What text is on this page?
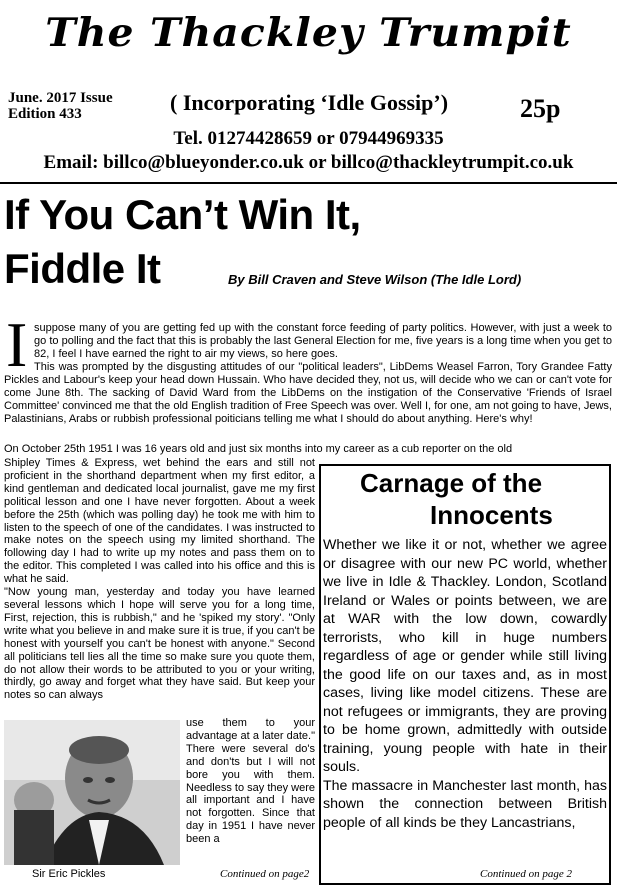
The Thackley Trumpit
June. 2017 Issue
Edition 433	( Incorporating ‘Idle Gossip’)	25p
Tel. 01274428659 or 07944969335
Email: billco@blueyonder.co.uk or billco@thackleytrumpit.co.uk
If You Can’t Win It,
Fiddle It	By Bill Craven and Steve Wilson (The Idle Lord)
I suppose many of you are getting fed up with the constant force feeding of party politics. However, with just a week to go to polling and the fact that this is probably the last General Election for me, five years is a long time when you get to 82, I feel I have earned the right to air my views, so here goes.
This was prompted by the disgusting attitudes of our "political leaders", LibDems Weasel Farron, Tory Grandee Fatty Pickles and Labour's keep your head down Hussain. Who have decided they, not us, will decide who we can or can't vote for come June 8th. The sacking of David Ward from the LibDems on the instigation of the Conservative 'Friends of Israel Committee' convinced me that the old English tradition of Free Speech was over. Well I, for one, am not going to have, Jews, Palastinians, Arabs or rubbish professional poiticians telling me what I should do about anything. Here's why!
On October 25th 1951 I was 16 years old and just six months into my career as a cub reporter on the old
Shipley Times & Express, wet behind the ears and still not proficient in the shorthand department when my first editor, a kind gentleman and dedicated local journalist, gave me my first political lesson and one I have never forgotten. About a week before the 25th (which was polling day) he took me with him to listen to the speech of one of the candidates. I was instructed to make notes on the speech using my limited shorthand. The following day I had to write up my notes and pass them on to the editor. This completed I was called into his office and this is what he said.
"Now young man, yesterday and today you have learned several lessons which I hope will serve you for a long time, First, rejection, this is rubbish," and he 'spiked my story'. "Only write what you believe in and make sure it is true, if you can't be honest with yourself you can't be honest with anyone." Second all politicians tell lies all the time so make sure you quote them, do not allow their words to be attributed to you or your writing, thirdly, go away and forget what they have said. But keep your notes so can always
use them to your advantage at a later date." There were several do's and don'ts but I will not bore you with them. Needless to say they were all important and I have not forgotten. Since that day in 1951 I have never been a
Sir Eric Pickles	Continued on page2
Carnage of the
Innocents

Whether we like it or not, whether we agree or disagree with our new PC world, whether we live in Idle & Thackley. London, Scotland Ireland or Wales or points between, we are at WAR with the low down, cowardly terrorists, who kill in huge numbers regardless of age or gender while still living the good life on our taxes and, as in most cases, living like model citizens. These are not refugees or immigrants, they are proving to be home grown, admittedly with outside training, young people with hate in their souls.

The massacre in Manchester last month, has shown the connection between British people of all kinds be they Lancastrians,

Continued on page 2
